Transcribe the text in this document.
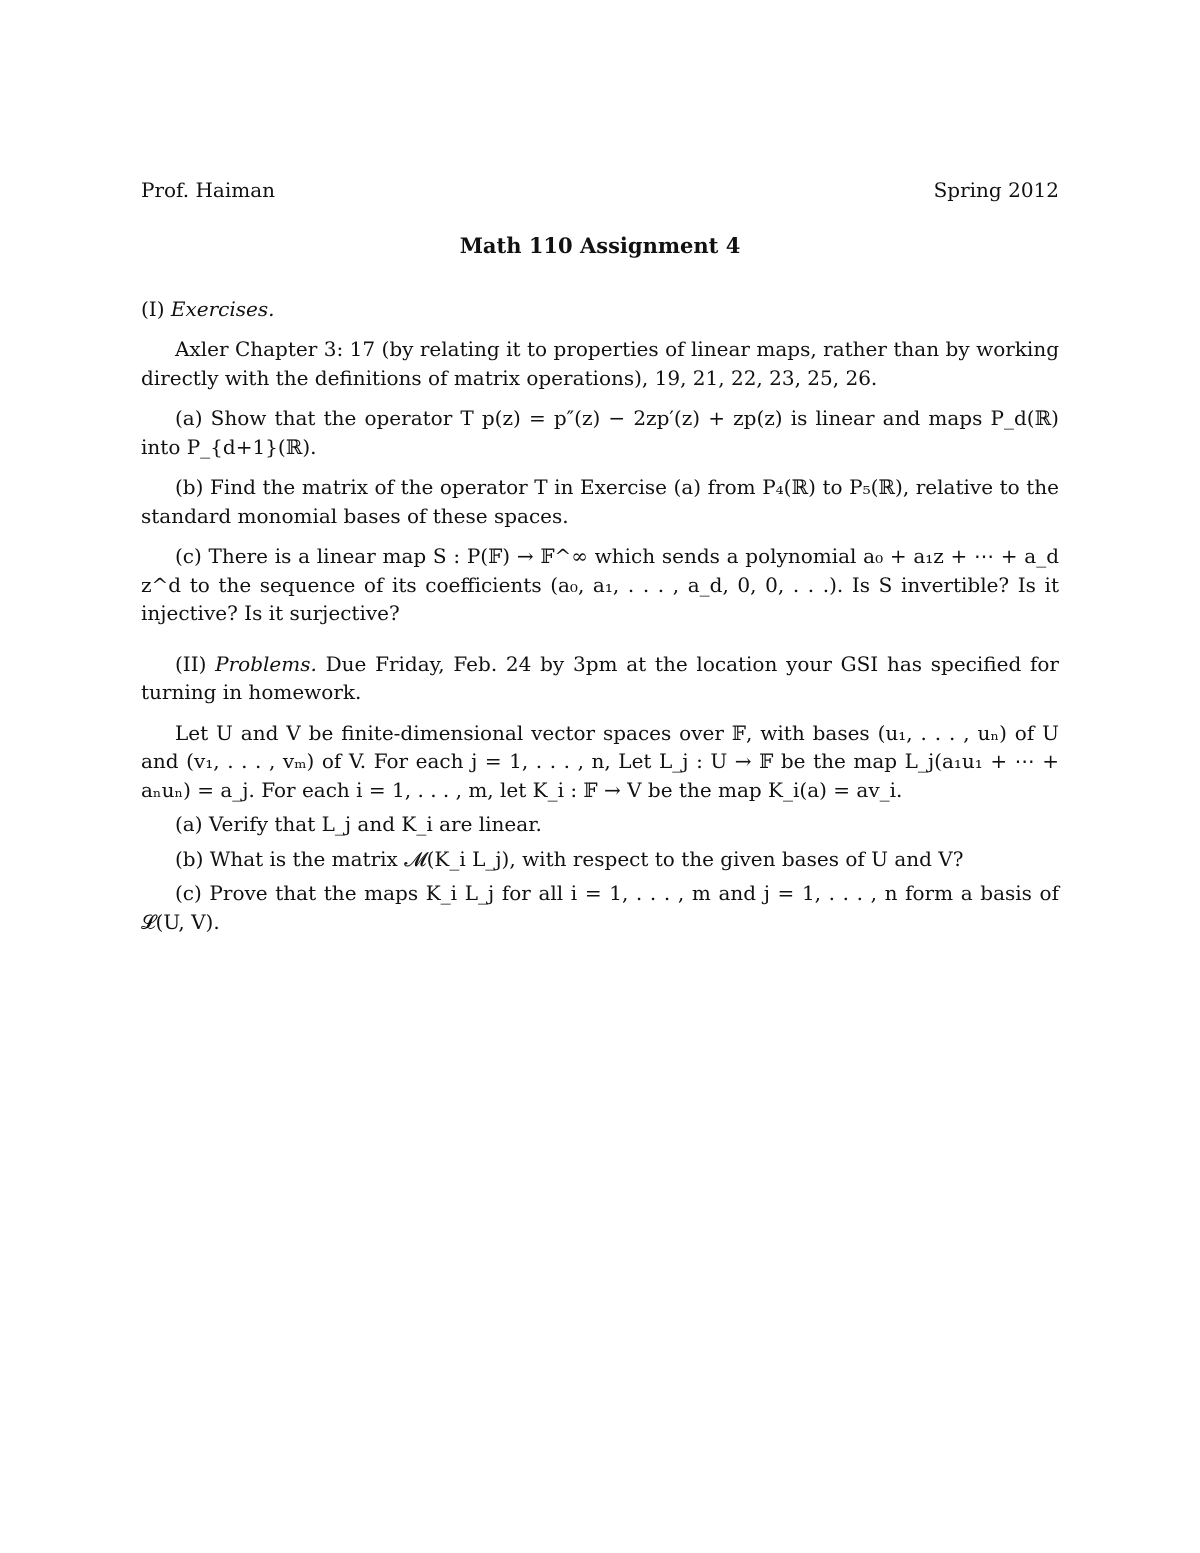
Prof. Haiman	Spring 2012
Math 110 Assignment 4
(I) Exercises.

Axler Chapter 3: 17 (by relating it to properties of linear maps, rather than by working directly with the definitions of matrix operations), 19, 21, 22, 23, 25, 26.

(a) Show that the operator T p(z) = p″(z) − 2zp′(z) + zp(z) is linear and maps P_d(ℝ) into P_{d+1}(ℝ).

(b) Find the matrix of the operator T in Exercise (a) from P₄(ℝ) to P₅(ℝ), relative to the standard monomial bases of these spaces.

(c) There is a linear map S : P(𝔽) → 𝔽^∞ which sends a polynomial a₀ + a₁z + ⋯ + a_d z^d to the sequence of its coefficients (a₀, a₁, . . . , a_d, 0, 0, . . .). Is S invertible? Is it injective? Is it surjective?

(II) Problems. Due Friday, Feb. 24 by 3pm at the location your GSI has specified for turning in homework.

Let U and V be finite-dimensional vector spaces over 𝔽, with bases (u₁, . . . , uₙ) of U and (v₁, . . . , vₘ) of V. For each j = 1, . . . , n, Let L_j : U → 𝔽 be the map L_j(a₁u₁ + ⋯ + aₙuₙ) = a_j. For each i = 1, . . . , m, let K_i : 𝔽 → V be the map K_i(a) = av_i.

(a) Verify that L_j and K_i are linear.

(b) What is the matrix 𝓜(K_i L_j), with respect to the given bases of U and V?

(c) Prove that the maps K_i L_j for all i = 1, . . . , m and j = 1, . . . , n form a basis of 𝓛(U, V).
